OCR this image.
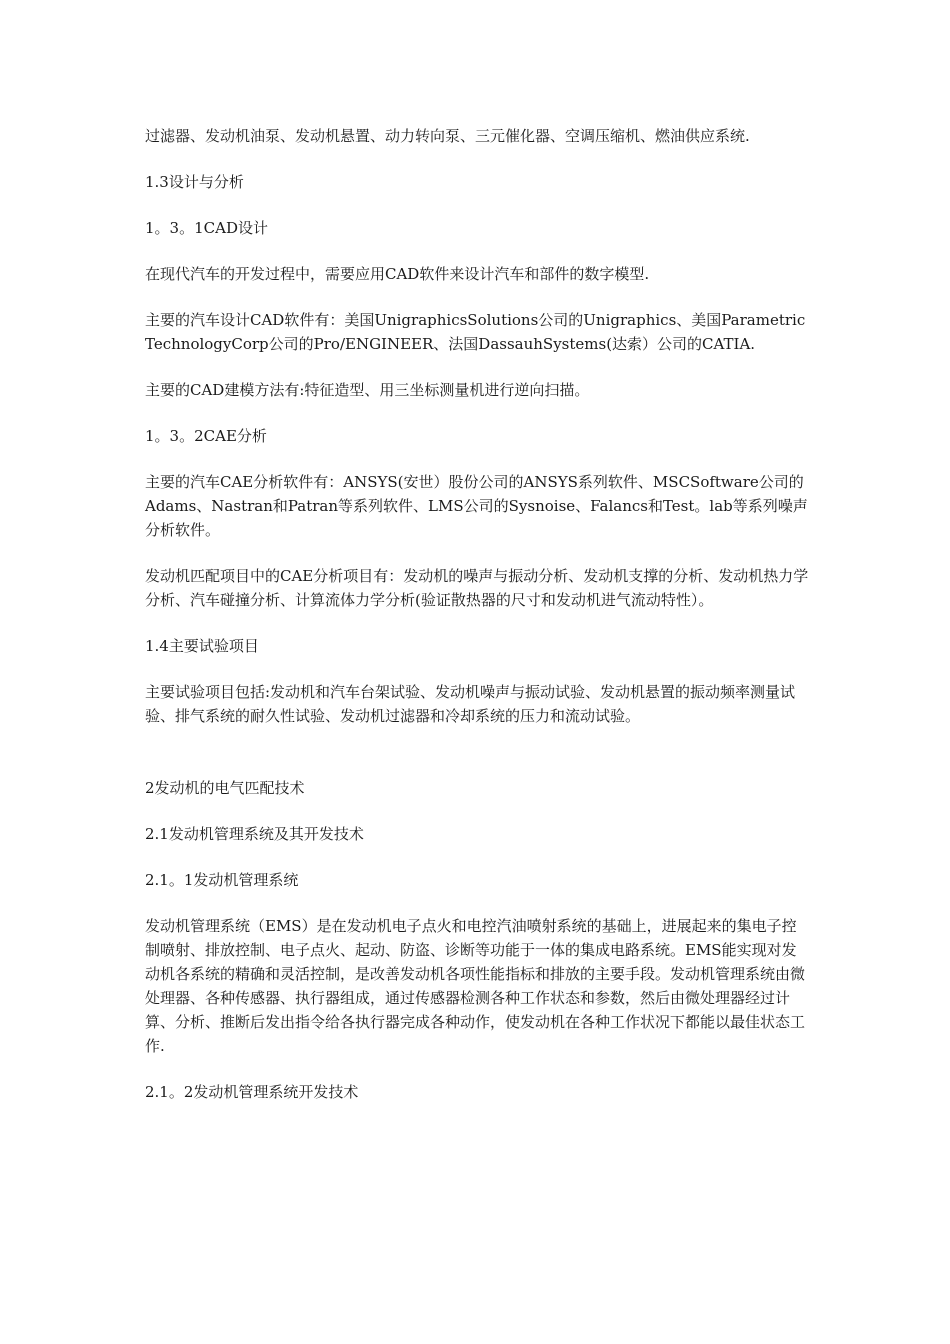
过滤器、发动机油泵、发动机悬置、动力转向泵、三元催化器、空调压缩机、燃油供应系统.

1.3设计与分析

1。3。1CAD设计

在现代汽车的开发过程中，需要应用CAD软件来设计汽车和部件的数字模型.

主要的汽车设计CAD软件有：美国UnigraphicsSolutions公司的Unigraphics、美国ParametricTechnologyCorp公司的Pro/ENGINEER、法国DassauhSystems(达索）公司的CATIA.

主要的CAD建模方法有:特征造型、用三坐标测量机进行逆向扫描。

1。3。2CAE分析

主要的汽车CAE分析软件有：ANSYS(安世）股份公司的ANSYS系列软件、MSCSoftware公司的Adams、Nastran和Patran等系列软件、LMS公司的Sysnoise、Falancs和Test。lab等系列噪声分析软件。

发动机匹配项目中的CAE分析项目有：发动机的噪声与振动分析、发动机支撑的分析、发动机热力学分析、汽车碰撞分析、计算流体力学分析(验证散热器的尺寸和发动机进气流动特性）。

1.4主要试验项目

主要试验项目包括:发动机和汽车台架试验、发动机噪声与振动试验、发动机悬置的振动频率测量试验、排气系统的耐久性试验、发动机过滤器和冷却系统的压力和流动试验。

2发动机的电气匹配技术

2.1发动机管理系统及其开发技术

2.1。1发动机管理系统

发动机管理系统（EMS）是在发动机电子点火和电控汽油喷射系统的基础上，进展起来的集电子控制喷射、排放控制、电子点火、起动、防盗、诊断等功能于一体的集成电路系统。EMS能实现对发动机各系统的精确和灵活控制，是改善发动机各项性能指标和排放的主要手段。发动机管理系统由微处理器、各种传感器、执行器组成，通过传感器检测各种工作状态和参数，然后由微处理器经过计算、分析、推断后发出指令给各执行器完成各种动作，使发动机在各种工作状况下都能以最佳状态工作.

2.1。2发动机管理系统开发技术
